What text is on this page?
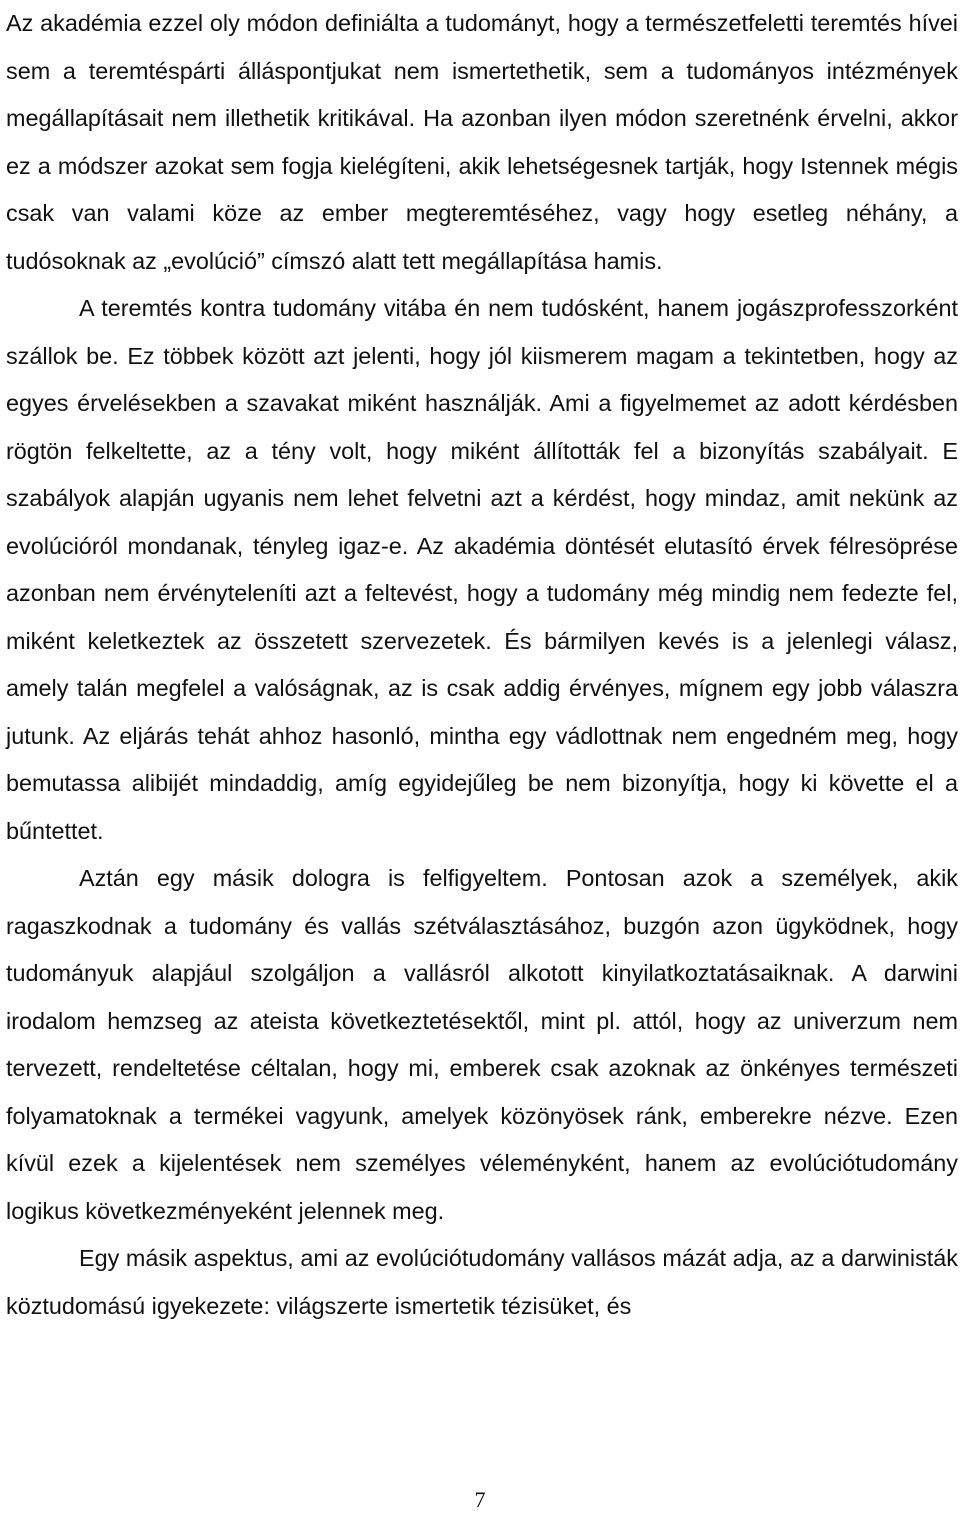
Az akadémia ezzel oly módon definiálta a tudományt, hogy a természetfeletti teremtés hívei sem a teremtéspárti álláspontjukat nem ismertethetik, sem a tudományos intézmények megállapításait nem illethetik kritikával. Ha azonban ilyen módon szeretnénk érvelni, akkor ez a módszer azokat sem fogja kielégíteni, akik lehetségesnek tartják, hogy Istennek mégis csak van valami köze az ember megteremtéséhez, vagy hogy esetleg néhány, a tudósoknak az „evolúció” címszó alatt tett megállapítása hamis.

A teremtés kontra tudomány vitába én nem tudósként, hanem jogászprofesszorként szállok be. Ez többek között azt jelenti, hogy jól kiismerem magam a tekintetben, hogy az egyes érvelésekben a szavakat miként használják. Ami a figyelmemet az adott kérdésben rögtön felkeltette, az a tény volt, hogy miként állították fel a bizonyítás szabályait. E szabályok alapján ugyanis nem lehet felvetni azt a kérdést, hogy mindaz, amit nekünk az evolúcióról mondanak, tényleg igaz-e. Az akadémia döntését elutasító érvek félresöprése azonban nem érvényteleníti azt a feltevést, hogy a tudomány még mindig nem fedezte fel, miként keletkeztek az összetett szervezetek. És bármilyen kevés is a jelenlegi válasz, amely talán megfelel a valóságnak, az is csak addig érvényes, mígnem egy jobb válaszra jutunk. Az eljárás tehát ahhoz hasonló, mintha egy vádlottnak nem engedném meg, hogy bemutassa alibijét mindaddig, amíg egyidejűleg be nem bizonyítja, hogy ki követte el a bűntettet.

Aztán egy másik dologra is felfigyeltem. Pontosan azok a személyek, akik ragaszkodnak a tudomány és vallás szétválasztásához, buzgón azon ügyködnek, hogy tudományuk alapjául szolgáljon a vallásról alkotott kinyilatkoztatásaiknak. A darwini irodalom hemzseg az ateista következtetésektől, mint pl. attól, hogy az univerzum nem tervezett, rendeltetése céltalan, hogy mi, emberek csak azoknak az önkényes természeti folyamatoknak a termékei vagyunk, amelyek közönyösek ránk, emberekre nézve. Ezen kívül ezek a kijelentések nem személyes véleményként, hanem az evolúciótudomány logikus következményeként jelennek meg.

Egy másik aspektus, ami az evolúciótudomány vallásos mázát adja, az a darwinisták köztudomású igyekezete: világszerte ismertetik tézisüket, és

7
